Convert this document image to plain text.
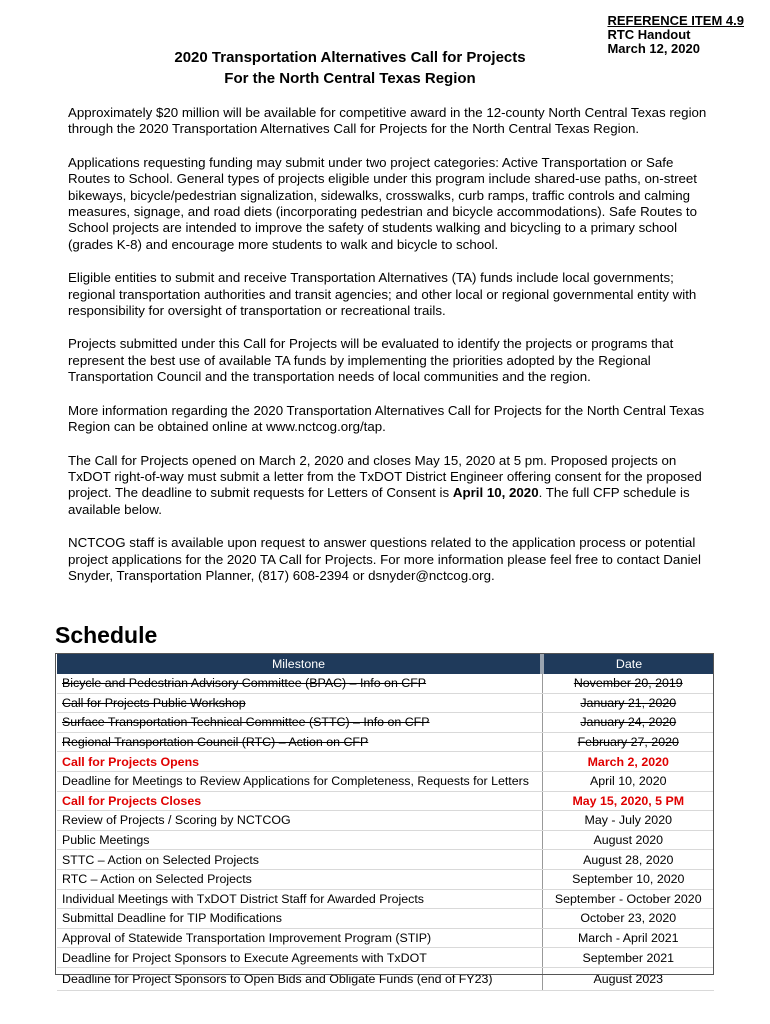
REFERENCE ITEM 4.9
RTC Handout
March 12, 2020
2020 Transportation Alternatives Call for Projects
For the North Central Texas Region

Approximately $20 million will be available for competitive award in the 12-county North Central Texas region through the 2020 Transportation Alternatives Call for Projects for the North Central Texas Region.

Applications requesting funding may submit under two project categories: Active Transportation or Safe Routes to School. General types of projects eligible under this program include shared-use paths, on-street bikeways, bicycle/pedestrian signalization, sidewalks, crosswalks, curb ramps, traffic controls and calming measures, signage, and road diets (incorporating pedestrian and bicycle accommodations). Safe Routes to School projects are intended to improve the safety of students walking and bicycling to a primary school (grades K-8) and encourage more students to walk and bicycle to school.

Eligible entities to submit and receive Transportation Alternatives (TA) funds include local governments; regional transportation authorities and transit agencies; and other local or regional governmental entity with responsibility for oversight of transportation or recreational trails.

Projects submitted under this Call for Projects will be evaluated to identify the projects or programs that represent the best use of available TA funds by implementing the priorities adopted by the Regional Transportation Council and the transportation needs of local communities and the region.

More information regarding the 2020 Transportation Alternatives Call for Projects for the North Central Texas Region can be obtained online at www.nctcog.org/tap.

The Call for Projects opened on March 2, 2020 and closes May 15, 2020 at 5 pm. Proposed projects on TxDOT right-of-way must submit a letter from the TxDOT District Engineer offering consent for the proposed project. The deadline to submit requests for Letters of Consent is April 10, 2020. The full CFP schedule is available below.

NCTCOG staff is available upon request to answer questions related to the application process or potential project applications for the 2020 TA Call for Projects. For more information please feel free to contact Daniel Snyder, Transportation Planner, (817) 608-2394 or dsnyder@nctcog.org.

Schedule
Milestone	Date
Bicycle and Pedestrian Advisory Committee (BPAC) – Info on CFP	November 20, 2019
Call for Projects Public Workshop	January 21, 2020
Surface Transportation Technical Committee (STTC) – Info on CFP	January 24, 2020
Regional Transportation Council (RTC) – Action on CFP	February 27, 2020
Call for Projects Opens	March 2, 2020
Deadline for Meetings to Review Applications for Completeness, Requests for Letters	April 10, 2020
Call for Projects Closes	May 15, 2020, 5 PM
Review of Projects / Scoring by NCTCOG	May - July 2020
Public Meetings	August 2020
STTC – Action on Selected Projects	August 28, 2020
RTC – Action on Selected Projects	September 10, 2020
Individual Meetings with TxDOT District Staff for Awarded Projects	September - October 2020
Submittal Deadline for TIP Modifications	October 23, 2020
Approval of Statewide Transportation Improvement Program (STIP)	March - April 2021
Deadline for Project Sponsors to Execute Agreements with TxDOT	September 2021
Deadline for Project Sponsors to Open Bids and Obligate Funds (end of FY23)	August 2023
